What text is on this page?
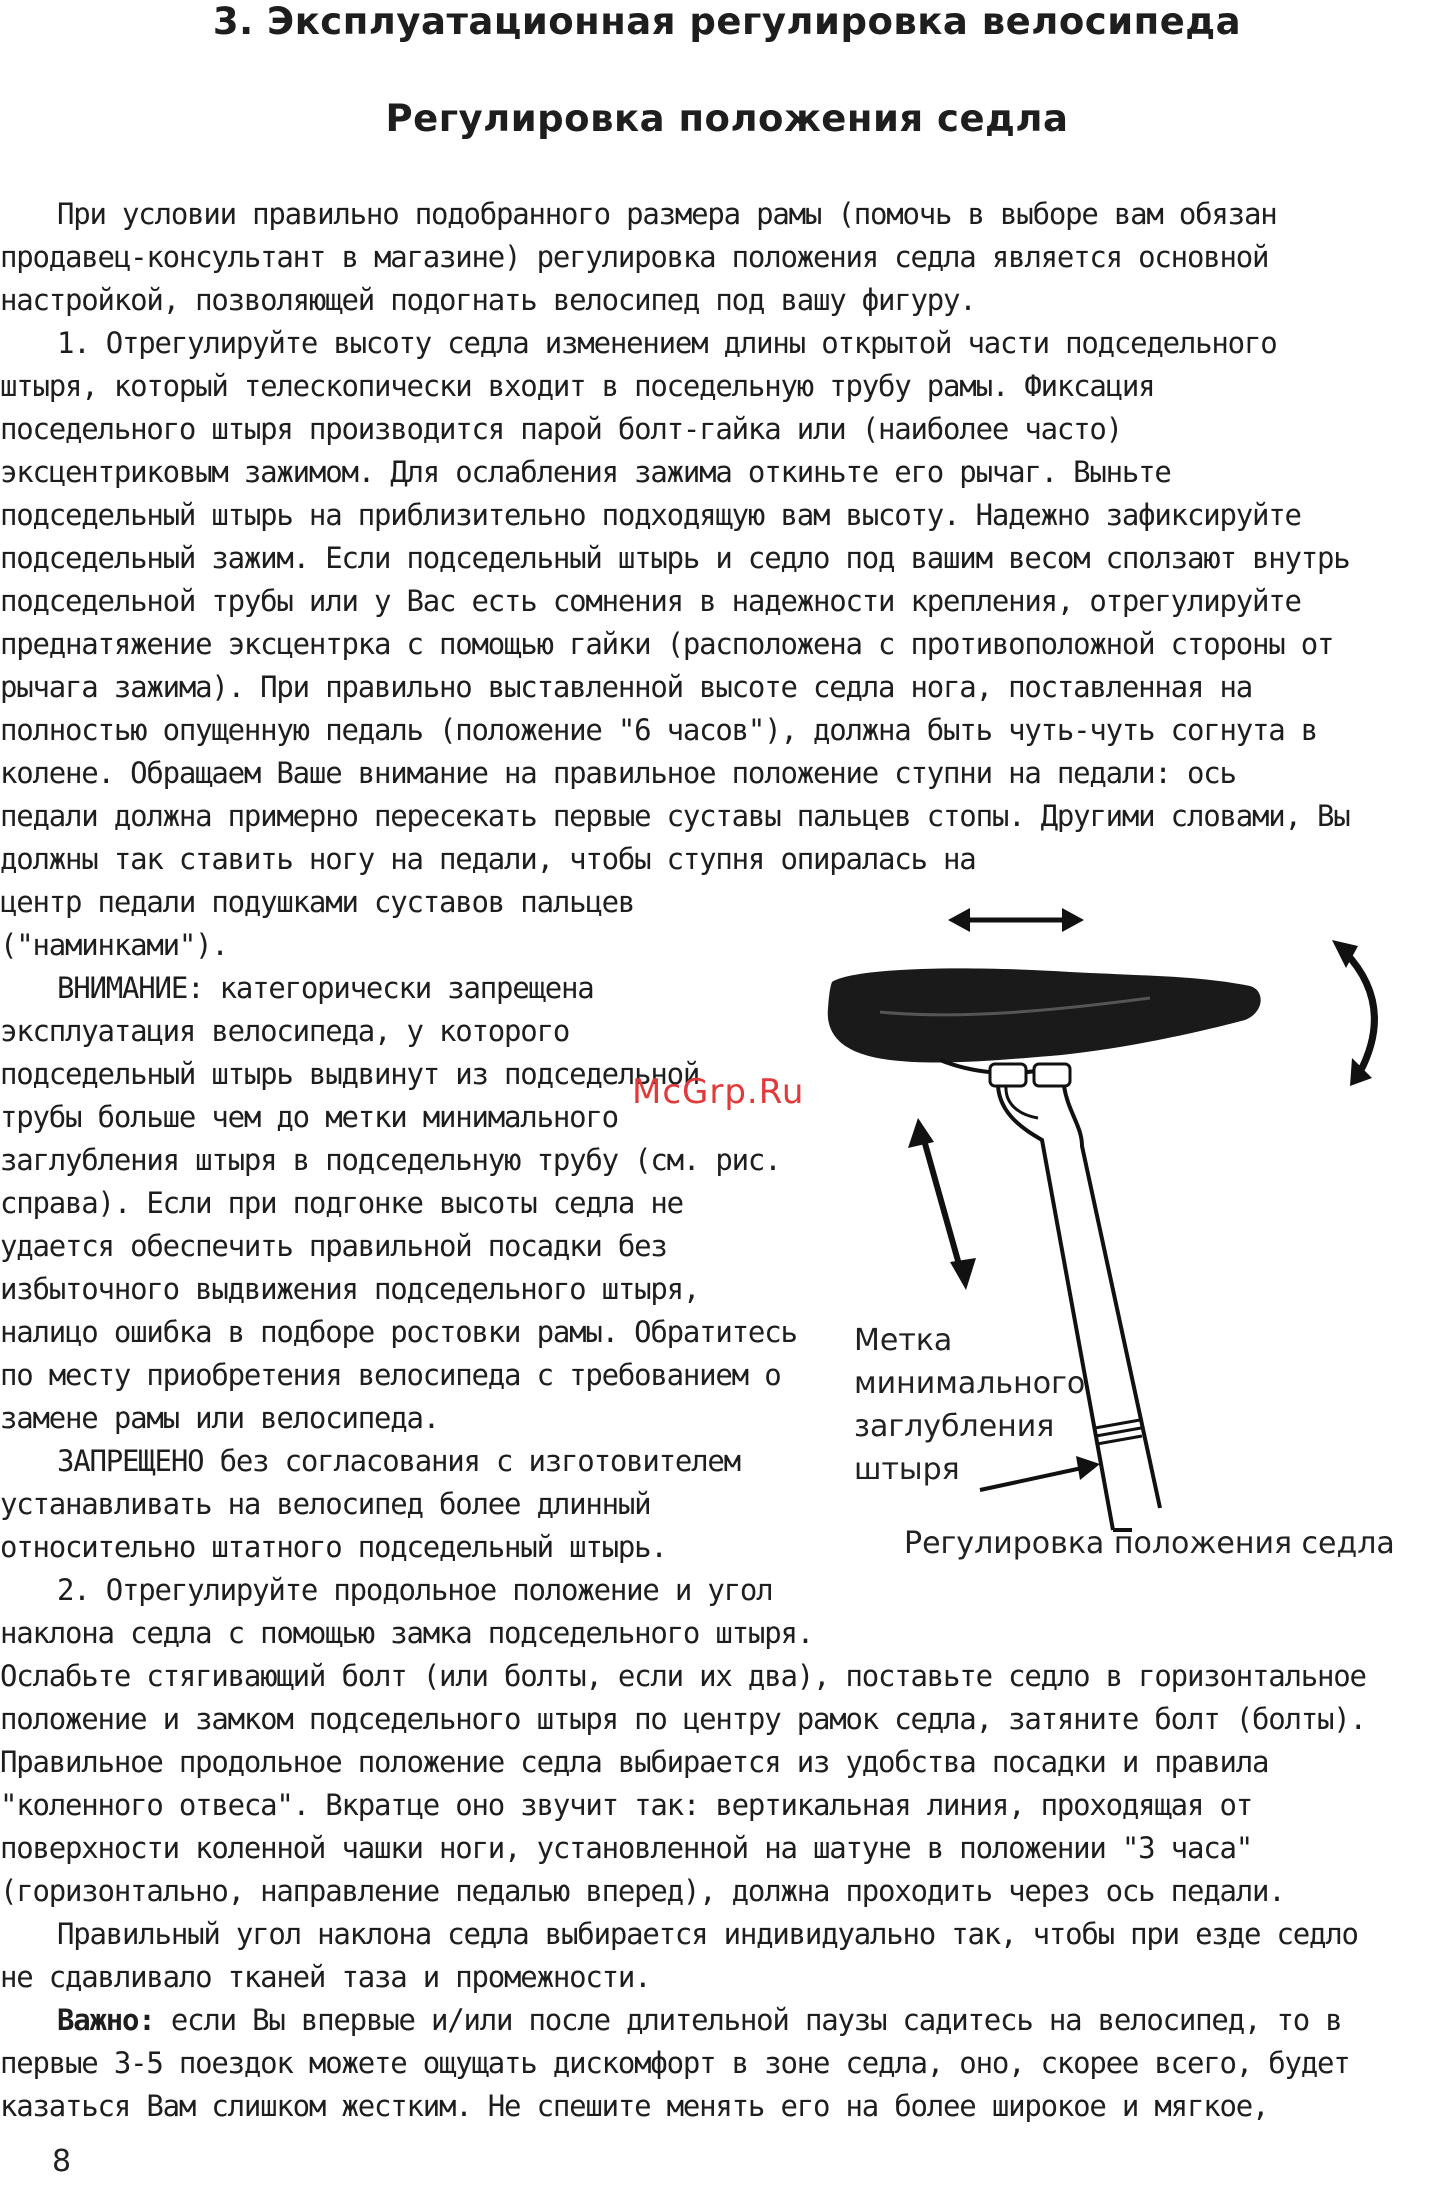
3. Эксплуатационная регулировка велосипеда
Регулировка положения седла
При условии правильно подобранного размера рамы (помочь в выборе вам обязан
продавец-консультант в магазине) регулировка положения седла является основной
настройкой, позволяющей подогнать велосипед под вашу фигуру.
1. Отрегулируйте высоту седла изменением длины открытой части подседельного
штыря, который телескопически входит в поседельную трубу рамы. Фиксация
поседельного штыря производится парой болт-гайка или (наиболее часто)
эксцентриковым зажимом. Для ослабления зажима откиньте его рычаг. Выньте
подседельный штырь на приблизительно подходящую вам высоту. Надежно зафиксируйте
подседельный зажим. Если подседельный штырь и седло под вашим весом сползают внутрь
подседельной трубы или у Вас есть сомнения в надежности крепления, отрегулируйте
преднатяжение эксцентрка с помощью гайки (расположена с противоположной стороны от
рычага зажима). При правильно выставленной высоте седла нога, поставленная на
полностью опущенную педаль (положение "6 часов"), должна быть чуть-чуть согнута в
колене. Обращаем Ваше внимание на правильное положение ступни на педали: ось
педали должна примерно пересекать первые суставы пальцев стопы. Другими словами, Вы
должны так ставить ногу на педали, чтобы ступня опиралась на
центр педали подушками суставов пальцев
("наминками").
ВНИМАНИЕ: категорически запрещена
эксплуатация велосипеда, у которого
подседельный штырь выдвинут из подседельной
трубы больше чем до метки минимального
заглубления штыря в подседельную трубу (см. рис.
справа). Если при подгонке высоты седла не
удается обеспечить правильной посадки без
избыточного выдвижения подседельного штыря,
налицо ошибка в подборе ростовки рамы. Обратитесь
по месту приобретения велосипеда с требованием о
замене рамы или велосипеда.
ЗАПРЕЩЕНО без согласования с изготовителем
устанавливать на велосипед более длинный
относительно штатного подседельный штырь.
2. Отрегулируйте продольное положение и угол
наклона седла с помощью замка подседельного штыря.
Ослабьте стягивающий болт (или болты, если их два), поставьте седло в горизонтальное
положение и замком подседельного штыря по центру рамок седла, затяните болт (болты).
Правильное продольное положение седла выбирается из удобства посадки и правила
"коленного отвеса". Вкратце оно звучит так: вертикальная линия, проходящая от
поверхности коленной чашки ноги, установленной на шатуне в положении "3 часа"
(горизонтально, направление педалью вперед), должна проходить через ось педали.
Правильный угол наклона седла выбирается индивидуально так, чтобы при езде седло
не сдавливало тканей таза и промежности.
Важно: если Вы впервые и/или после длительной паузы садитесь на велосипед, то в
первые 3-5 поездок можете ощущать дискомфорт в зоне седла, оно, скорее всего, будет
казаться Вам слишком жестким. Не спешите менять его на более широкое и мягкое,
Метка
минимального
заглубления
штыря
Регулировка положения седла
McGrp.Ru
8
